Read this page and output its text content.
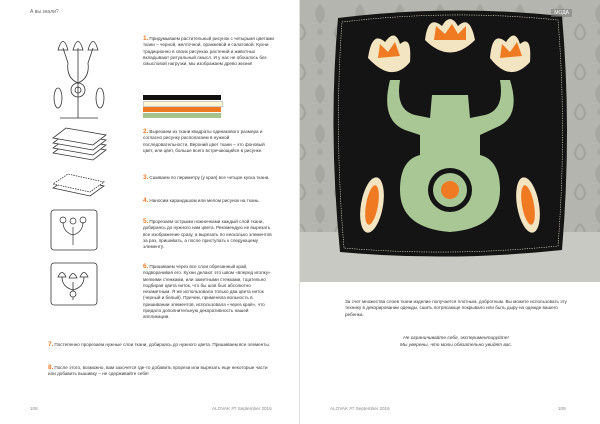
А вы знали?
1.Придумываем растительный рисунок с четырьмя цветами ткани – черной, желточной, оранжевой и салатовой. Кухни традиционно в своих рисунках растений и животных вкладывают ритуальный смысл. И у нас не обошлось без смысловой нагрузки, мы изображаем древо жизни!
2.Вырезаем из ткани квадраты одинакового размера и согласно рисунку располагаем в нужной последовательности. Верхний цвет ткани – это фоновый цвет, или цвет, больше всего встречающийся в рисунке.
3.Сшиваем по периметру (у края) все четыре куска ткани.
4.Наносим карандашом или мелом рисунок на ткань.
5.Прорезаем острыми ножничками каждый слой ткани, добираясь до нужного нам цвета. Рекомендую не вырезать все изображение сразу, а вырезать по несколько элементов за раз, пришивать, а после приступать к следующему элементу.
6.Пришиваем через все слои обрезанный край, подворачивая его. Кухни делают это швом «вперед иголку» мелкими стежками, или заметными стежками, тщательно подбирая цвета ниток, что бы шов был абсолютно незаметным. Я же использовала только два цвета ниток (черный и белый). Причем, применяла вольность в пришивании элементов, использовала «через край», что придало дополнительную декоративность нашей аппликации.
7.Постепенно прорезаем нужные слои ткани, добираясь до нужного цвета. Пришиваем все элементы.
8.После этого, возможно, вам захочется где-то добавить прорези или вырезать еще некоторые части или добавить вышивку – не сдерживайте себя!
108	ALOVAK #7 September 2016
МОДА
За счет множества слоев ткани изделие получается плотным, добротным. Вы можете использовать эту технику в декорировании одежды, сшить потрясающе покрывало или быть дыру на одежде вашего ребенка.
Не ограничивайте себя, экспериментируйте!
Мы уверены, что молы обязательно увидят вас.
ALOVAK #7 September 2016	109
